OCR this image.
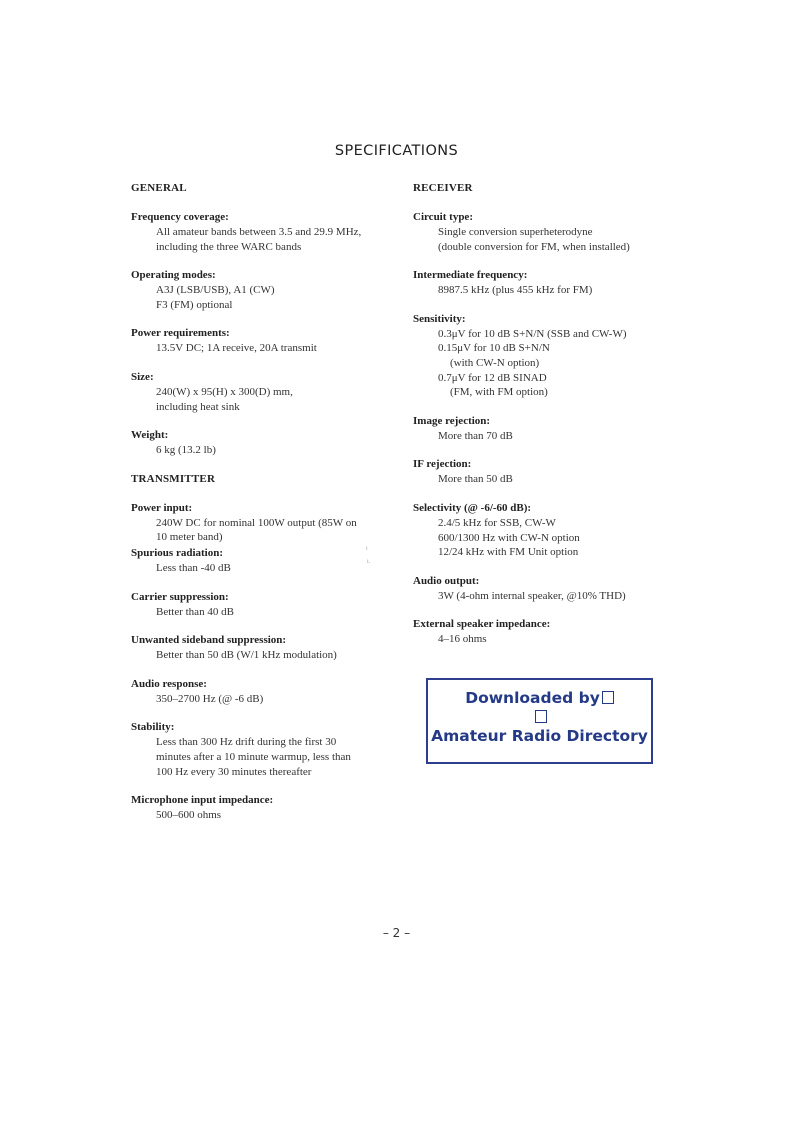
SPECIFICATIONS
GENERAL
Frequency coverage:
All amateur bands between 3.5 and 29.9 MHz,
including the three WARC bands
Operating modes:
A3J (LSB/USB), A1 (CW)
F3 (FM) optional
Power requirements:
13.5V DC; 1A receive, 20A transmit
Size:
240(W) x 95(H) x 300(D) mm,
including heat sink
Weight:
6 kg (13.2 lb)
TRANSMITTER
Power input:
240W DC for nominal 100W output (85W on
10 meter band)
Spurious radiation:
Less than -40 dB
Carrier suppression:
Better than 40 dB
Unwanted sideband suppression:
Better than 50 dB (W/1 kHz modulation)
Audio response:
350–2700 Hz (@ -6 dB)
Stability:
Less than 300 Hz drift during the first 30
minutes after a 10 minute warmup, less than
100 Hz every 30 minutes thereafter
Microphone input impedance:
500–600 ohms
RECEIVER
Circuit type:
Single conversion superheterodyne
(double conversion for FM, when installed)
Intermediate frequency:
8987.5 kHz (plus 455 kHz for FM)
Sensitivity:
0.3μV for 10 dB S+N/N (SSB and CW-W)
0.15μV for 10 dB S+N/N
(with CW-N option)
0.7μV for 12 dB SINAD
(FM, with FM option)
Image rejection:
More than 70 dB
IF rejection:
More than 50 dB
Selectivity (@ -6/-60 dB):
2.4/5 kHz for SSB, CW-W
600/1300 Hz with CW-N option
12/24 kHz with FM Unit option
Audio output:
3W (4-ohm internal speaker, @10% THD)
External speaker impedance:
4–16 ohms
Downloaded by
Amateur Radio Directory
ı
ı.
– 2 –
